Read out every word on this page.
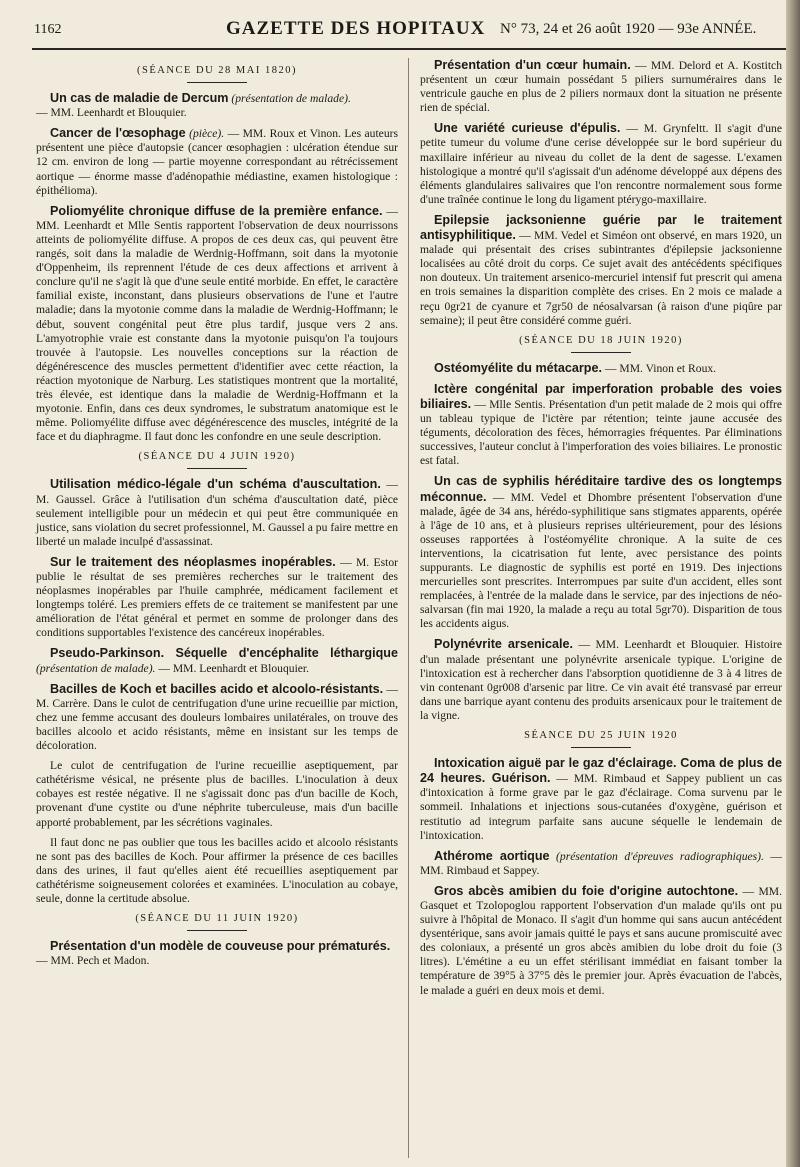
1162	GAZETTE DES HOPITAUX N° 73, 24 et 26 août 1920 — 93e ANNÉE.
(SÉANCE DU 28 MAI 1820)

Un cas de maladie de Dercum (présentation de malade).
— MM. Leenhardt et Blouquier.

Cancer de l'œsophage (pièce). — MM. Roux et Vinon. Les auteurs présentent une pièce d'autopsie (cancer œsophagien : ulcération étendue sur 12 cm. environ de long — partie moyenne correspondant au rétrécissement aortique — énorme masse d'adénopathie médiastine, examen histologique : épithélioma).

Poliomyélite chronique diffuse de la première enfance. — MM. Leenhardt et Mlle Sentis rapportent l'observation de deux nourrissons atteints de poliomyélite diffuse. A propos de ces deux cas, qui peuvent être rangés, soit dans la maladie de Werdnig-Hoffmann, soit dans la myotonie d'Oppenheim, ils reprennent l'étude de ces deux affections et arrivent à conclure qu'il ne s'agit là que d'une seule entité morbide. En effet, le caractère familial existe, inconstant, dans plusieurs observations de l'une et l'autre maladie; dans la myotonie comme dans la maladie de Werdnig-Hoffmann; le début, souvent congénital peut être plus tardif, jusque vers 2 ans. L'amyotrophie vraie est constante dans la myotonie puisqu'on l'a toujours trouvée à l'autopsie. Les nouvelles conceptions sur la réaction de dégénérescence des muscles permettent d'identifier avec cette réaction, la réaction myotonique de Narburg. Les statistiques montrent que la mortalité, très élevée, est identique dans la maladie de Werdnig-Hoffmann et la myotonie. Enfin, dans ces deux syndromes, le substratum anatomique est le même. Poliomyélite diffuse avec dégénérescence des muscles, intégrité de la face et du diaphragme. Il faut donc les confondre en une seule description.

(SÉANCE DU 4 JUIN 1920)

Utilisation médico-légale d'un schéma d'auscultation. — M. Gaussel. Grâce à l'utilisation d'un schéma d'auscultation daté, pièce seulement intelligible pour un médecin et qui peut être communiquée en justice, sans violation du secret professionnel, M. Gaussel a pu faire mettre en liberté un malade inculpé d'assassinat.

Sur le traitement des néoplasmes inopérables. — M. Estor publie le résultat de ses premières recherches sur le traitement des néoplasmes inopérables par l'huile camphrée, médicament facilement et longtemps toléré. Les premiers effets de ce traitement se manifestent par une amélioration de l'état général et permet en somme de prolonger dans des conditions supportables l'existence des cancéreux inopérables.

Pseudo-Parkinson. Séquelle d'encéphalite léthargique (présentation de malade). — MM. Leenhardt et Blouquier.

Bacilles de Koch et bacilles acido et alcoolo-résistants. — M. Carrère. Dans le culot de centrifugation d'une urine recueillie par miction, chez une femme accusant des douleurs lombaires unilatérales, on trouve des bacilles alcoolo et acido résistants, même en insistant sur les temps de décoloration.

Le culot de centrifugation de l'urine recueillie aseptiquement, par cathétérisme vésical, ne présente plus de bacilles. L'inoculation à deux cobayes est restée négative. Il ne s'agissait donc pas d'un bacille de Koch, provenant d'une cystite ou d'une néphrite tuberculeuse, mais d'un bacille apporté probablement, par les sécrétions vaginales.

Il faut donc ne pas oublier que tous les bacilles acido et alcoolo résistants ne sont pas des bacilles de Koch. Pour affirmer la présence de ces bacilles dans des urines, il faut qu'elles aient été recueillies aseptiquement par cathétérisme soigneusement colorées et examinées. L'inoculation au cobaye, seule, donne la certitude absolue.

(SÉANCE DU 11 JUIN 1920)

Présentation d'un modèle de couveuse pour prématurés.
— MM. Pech et Madon.

Présentation d'un cœur humain. — MM. Delord et A. Kostitch présentent un cœur humain possédant 5 piliers surnuméraires dans le ventricule gauche en plus de 2 piliers normaux dont la situation ne présente rien de spécial.

Une variété curieuse d'épulis. — M. Grynfeltt. Il s'agit d'une petite tumeur du volume d'une cerise développée sur le bord supérieur du maxillaire inférieur au niveau du collet de la dent de sagesse. L'examen histologique a montré qu'il s'agissait d'un adénome développé aux dépens des éléments glandulaires salivaires que l'on rencontre normalement sous forme d'une traînée continue le long du ligament ptérygo-maxillaire.

Epilepsie jacksonienne guérie par le traitement antisyphilitique. — MM. Vedel et Siméon ont observé, en mars 1920, un malade qui présentait des crises subintrantes d'épilepsie jacksonienne localisées au côté droit du corps. Ce sujet avait des antécédents spécifiques non douteux. Un traitement arsenico-mercuriel intensif fut prescrit qui amena en trois semaines la disparition complète des crises. En 2 mois ce malade a reçu 0gr21 de cyanure et 7gr50 de néosalvarsan (à raison d'une piqûre par semaine); il peut être considéré comme guéri.

(SÉANCE DU 18 JUIN 1920)

Ostéomyélite du métacarpe. — MM. Vinon et Roux.

Ictère congénital par imperforation probable des voies biliaires. — Mlle Sentis. Présentation d'un petit malade de 2 mois qui offre un tableau typique de l'ictère par rétention; teinte jaune accusée des téguments, décoloration des fèces, hémorragies fréquentes. Par éliminations successives, l'auteur conclut à l'imperforation des voies biliaires. Le pronostic est fatal.

Un cas de syphilis héréditaire tardive des os longtemps méconnue. — MM. Vedel et Dhombre présentent l'observation d'une malade, âgée de 34 ans, hérédo-syphilitique sans stigmates apparents, opérée à l'âge de 10 ans, et à plusieurs reprises ultérieurement, pour des lésions osseuses rapportées à l'ostéomyélite chronique. A la suite de ces interventions, la cicatrisation fut lente, avec persistance des points suppurants. Le diagnostic de syphilis est porté en 1919. Des injections mercurielles sont prescrites. Interrompues par suite d'un accident, elles sont remplacées, à l'entrée de la malade dans le service, par des injections de néo-salvarsan (fin mai 1920, la malade a reçu au total 5gr70). Disparition de tous les accidents aigus.

Polynévrite arsenicale. — MM. Leenhardt et Blouquier. Histoire d'un malade présentant une polynévrite arsenicale typique. L'origine de l'intoxication est à rechercher dans l'absorption quotidienne de 3 à 4 litres de vin contenant 0gr008 d'arsenic par litre. Ce vin avait été transvasé par erreur dans une barrique ayant contenu des produits arsenicaux pour le traitement de la vigne.

SÉANCE DU 25 JUIN 1920

Intoxication aiguë par le gaz d'éclairage. Coma de plus de 24 heures. Guérison. — MM. Rimbaud et Sappey publient un cas d'intoxication à forme grave par le gaz d'éclairage. Coma survenu par le sommeil. Inhalations et injections sous-cutanées d'oxygène, guérison et restitutio ad integrum parfaite sans aucune séquelle le lendemain de l'intoxication.

Athérome aortique (présentation d'épreuves radiographiques). — MM. Rimbaud et Sappey.

Gros abcès amibien du foie d'origine autochtone. — MM. Gasquet et Tzolopoglou rapportent l'observation d'un malade qu'ils ont pu suivre à l'hôpital de Monaco. Il s'agit d'un homme qui sans aucun antécédent dysentérique, sans avoir jamais quitté le pays et sans aucune promiscuité avec des coloniaux, a présenté un gros abcès amibien du lobe droit du foie (3 litres). L'émétine a eu un effet stérilisant immédiat en faisant tomber la température de 39°5 à 37°5 dès le premier jour. Après évacuation de l'abcès, le malade a guéri en deux mois et demi.
